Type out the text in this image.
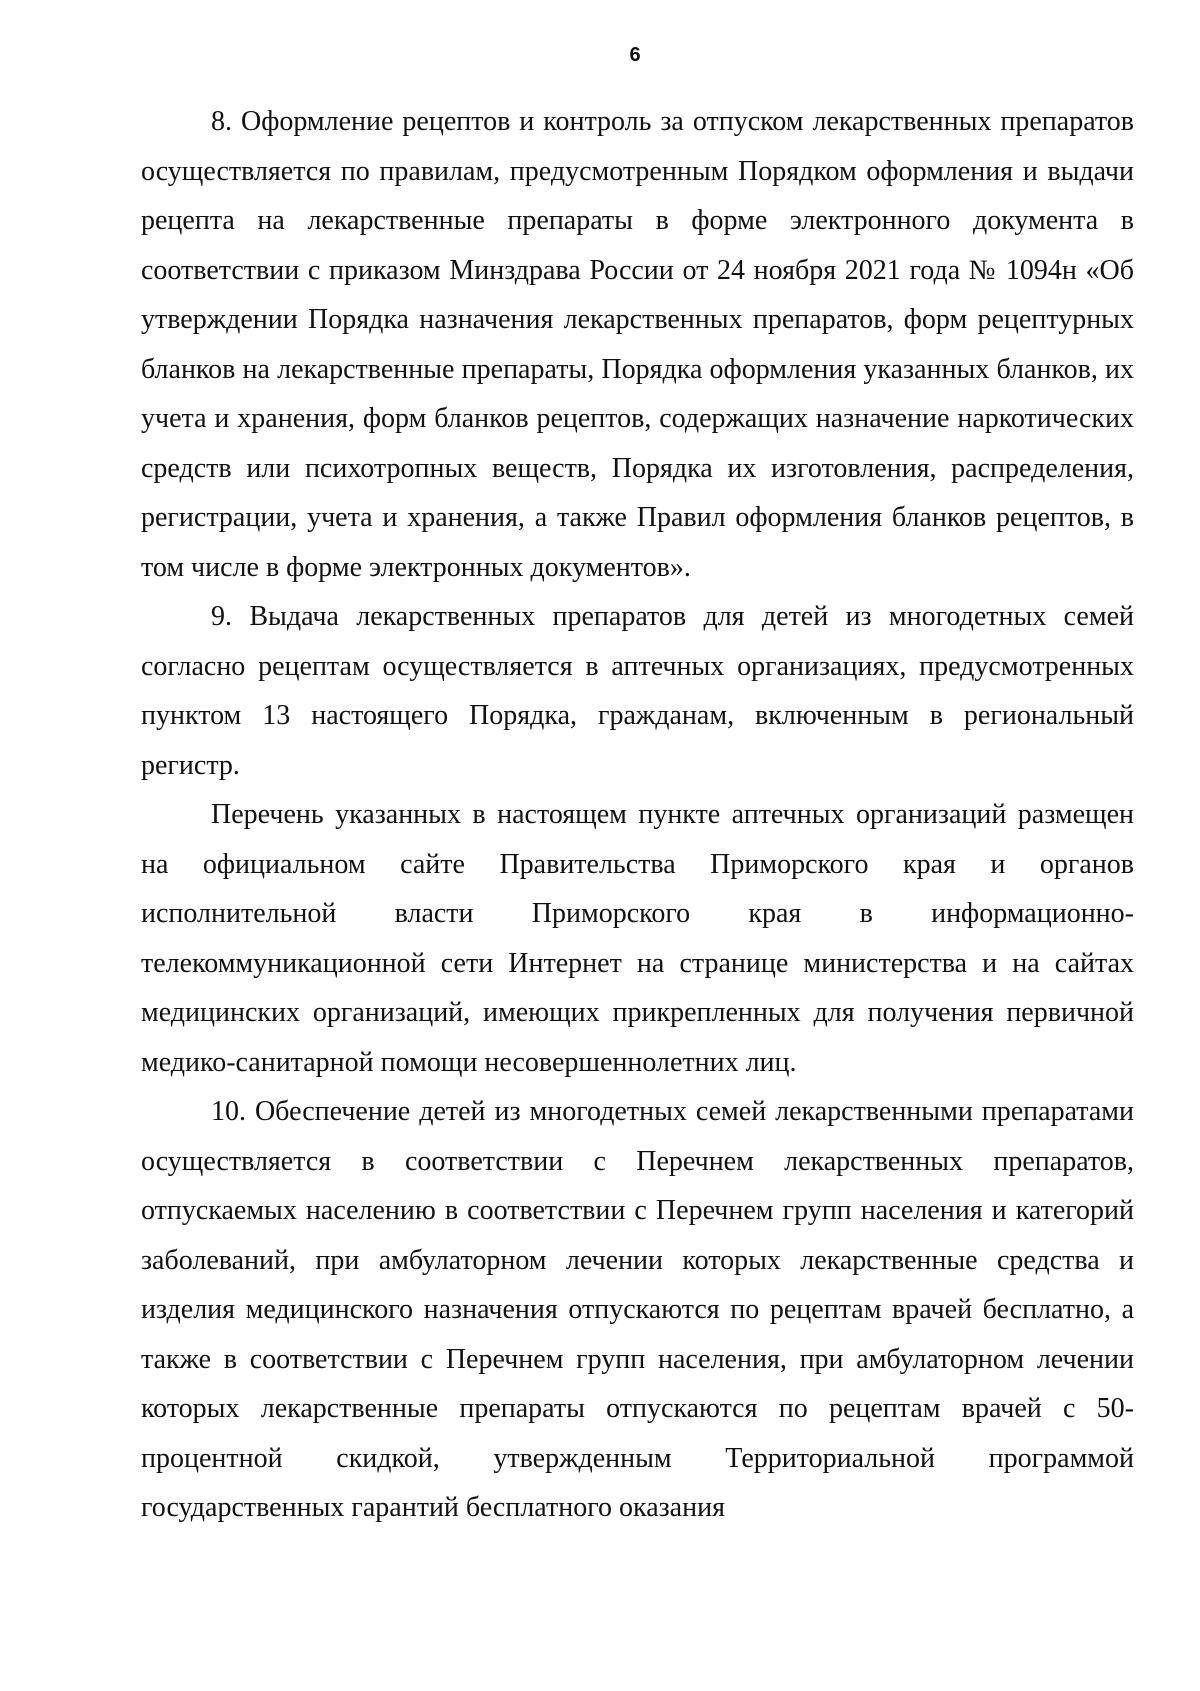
6

8. Оформление рецептов и контроль за отпуском лекарственных препаратов осуществляется по правилам, предусмотренным Порядком оформления и выдачи рецепта на лекарственные препараты в форме электронного документа в соответствии с приказом Минздрава России от 24 ноября 2021 года № 1094н «Об утверждении Порядка назначения лекарственных препаратов, форм рецептурных бланков на лекарственные препараты, Порядка оформления указанных бланков, их учета и хранения, форм бланков рецептов, содержащих назначение наркотических средств или психотропных веществ, Порядка их изготовления, распределения, регистрации, учета и хранения, а также Правил оформления бланков рецептов, в том числе в форме электронных документов».

9. Выдача лекарственных препаратов для детей из многодетных семей согласно рецептам осуществляется в аптечных организациях, предусмотренных пунктом 13 настоящего Порядка, гражданам, включенным в региональный регистр.

Перечень указанных в настоящем пункте аптечных организаций размещен на официальном сайте Правительства Приморского края и органов исполнительной власти Приморского края в информационно-телекоммуникационной сети Интернет на странице министерства и на сайтах медицинских организаций, имеющих прикрепленных для получения первичной медико-санитарной помощи несовершеннолетних лиц.

10. Обеспечение детей из многодетных семей лекарственными препаратами осуществляется в соответствии с Перечнем лекарственных препаратов, отпускаемых населению в соответствии с Перечнем групп населения и категорий заболеваний, при амбулаторном лечении которых лекарственные средства и изделия медицинского назначения отпускаются по рецептам врачей бесплатно, а также в соответствии с Перечнем групп населения, при амбулаторном лечении которых лекарственные препараты отпускаются по рецептам врачей с 50-процентной скидкой, утвержденным Территориальной программой государственных гарантий бесплатного оказания
